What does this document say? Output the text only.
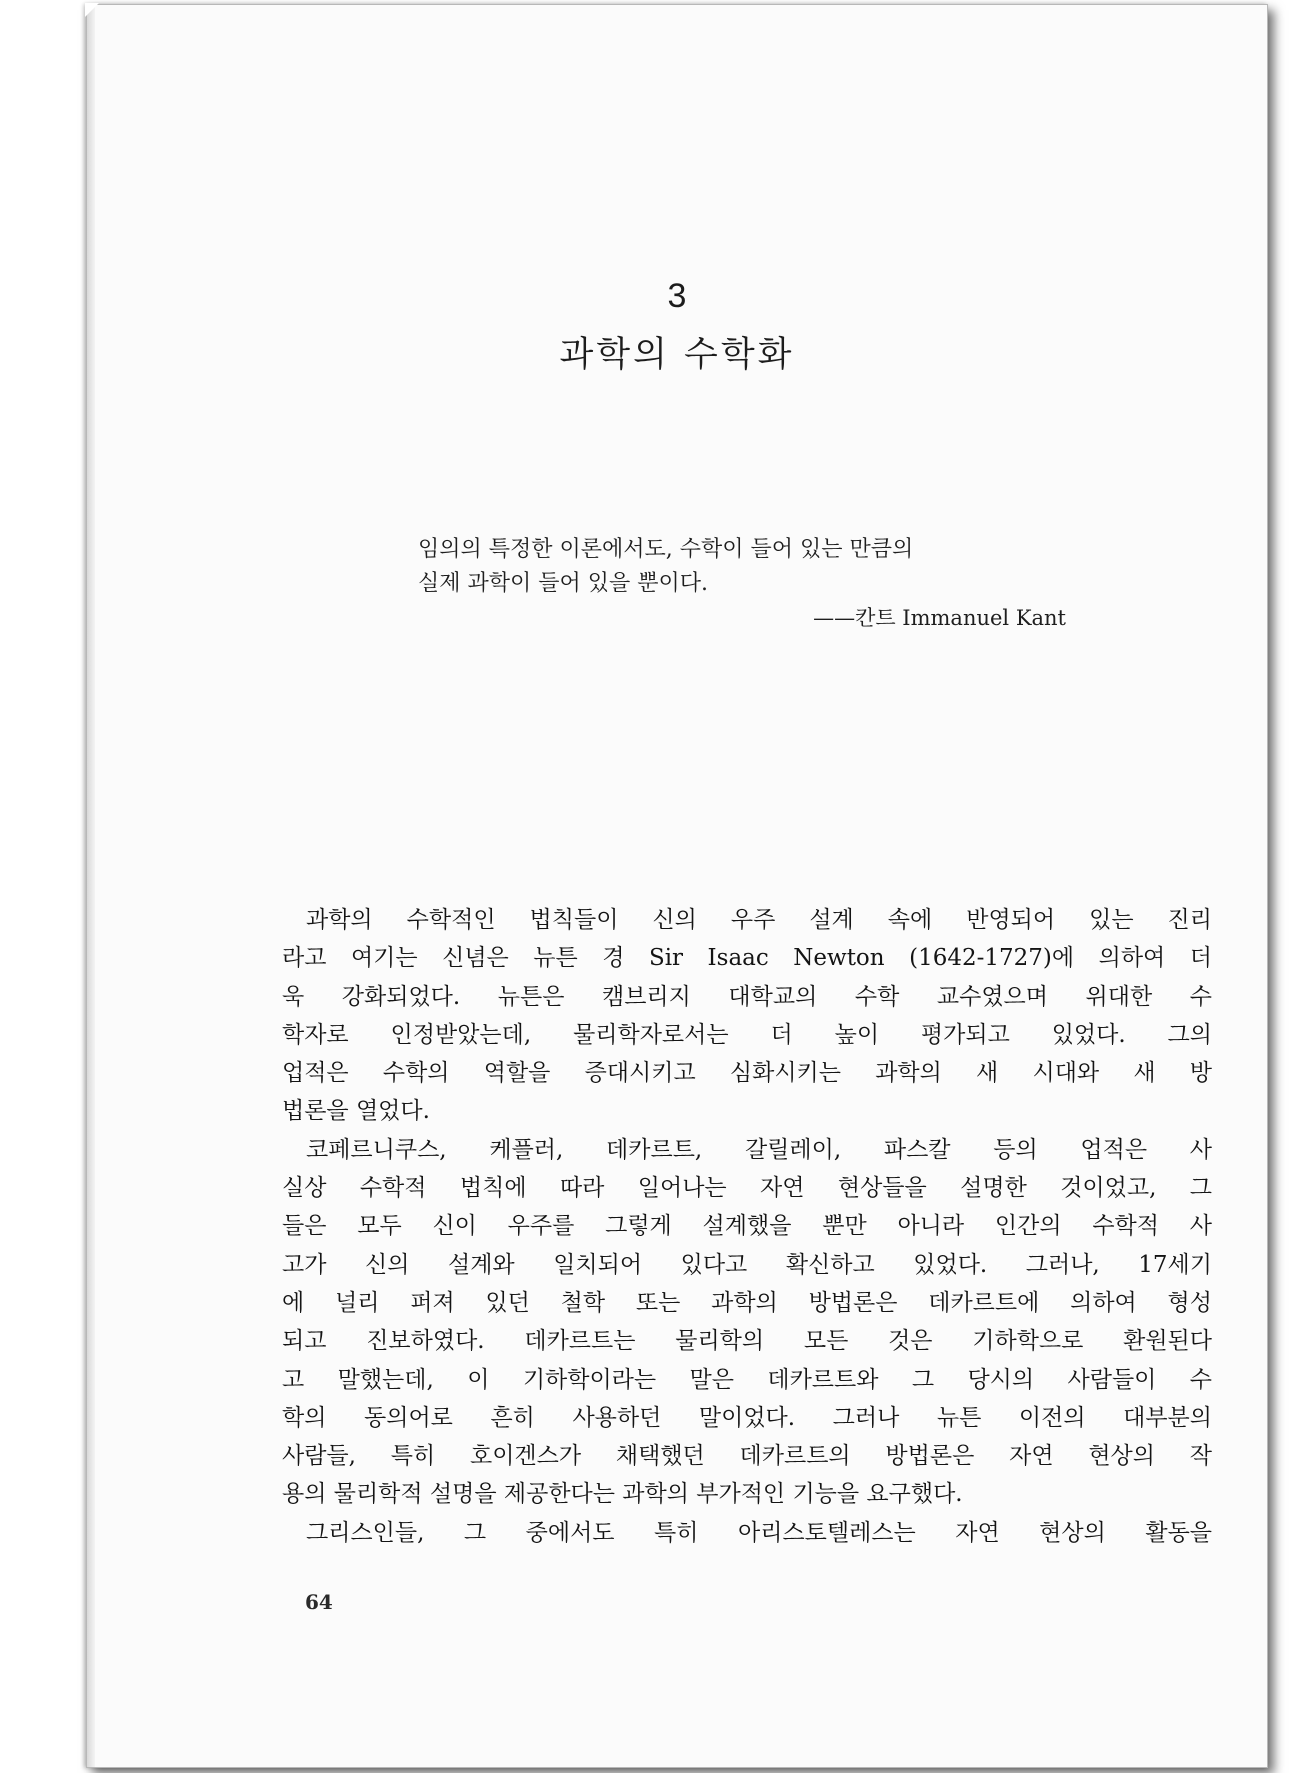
3
과학의 수학화
임의의 특정한 이론에서도, 수학이 들어 있는 만큼의
실제 과학이 들어 있을 뿐이다.
——칸트 Immanuel Kant
과학의 수학적인 법칙들이 신의 우주 설계 속에 반영되어 있는 진리
라고 여기는 신념은 뉴튼 경 Sir Isaac Newton (1642-1727)에 의하여 더
욱 강화되었다. 뉴튼은 캠브리지 대학교의 수학 교수였으며 위대한 수
학자로 인정받았는데, 물리학자로서는 더 높이 평가되고 있었다. 그의
업적은 수학의 역할을 증대시키고 심화시키는 과학의 새 시대와 새 방
법론을 열었다.
코페르니쿠스, 케플러, 데카르트, 갈릴레이, 파스칼 등의 업적은 사
실상 수학적 법칙에 따라 일어나는 자연 현상들을 설명한 것이었고, 그
들은 모두 신이 우주를 그렇게 설계했을 뿐만 아니라 인간의 수학적 사
고가 신의 설계와 일치되어 있다고 확신하고 있었다. 그러나, 17세기
에 널리 퍼져 있던 철학 또는 과학의 방법론은 데카르트에 의하여 형성
되고 진보하였다. 데카르트는 물리학의 모든 것은 기하학으로 환원된다
고 말했는데, 이 기하학이라는 말은 데카르트와 그 당시의 사람들이 수
학의 동의어로 흔히 사용하던 말이었다. 그러나 뉴튼 이전의 대부분의
사람들, 특히 호이겐스가 채택했던 데카르트의 방법론은 자연 현상의 작
용의 물리학적 설명을 제공한다는 과학의 부가적인 기능을 요구했다.
그리스인들, 그 중에서도 특히 아리스토텔레스는 자연 현상의 활동을
64
